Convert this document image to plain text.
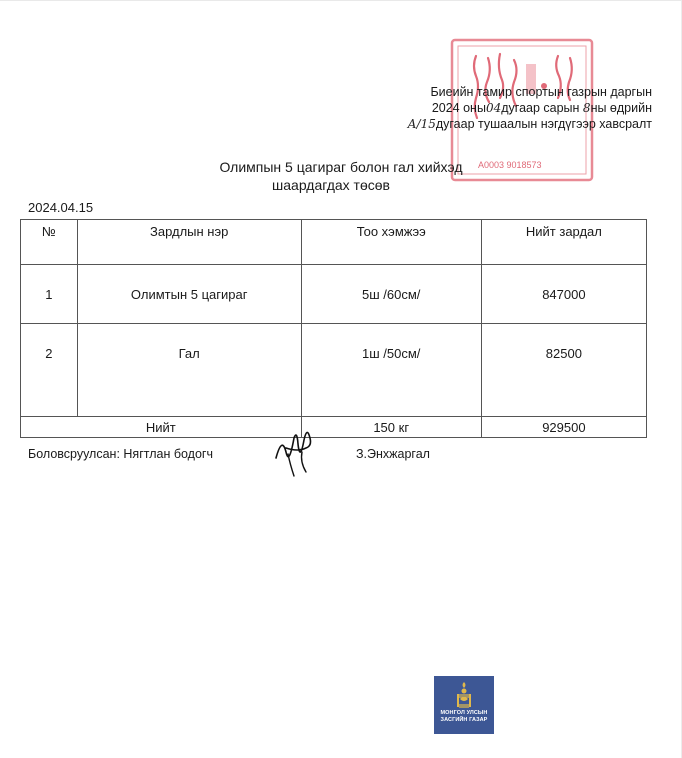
А0003 9018573
Биеийн тамир спортын газрын даргын
2024 оны04дугаар сарын 8ны өдрийн
А/15дугаар тушаалын нэгдүгээр хавсралт
Олимпын 5 цагираг болон гал хийхэд
шаардагдах төсөв
2024.04.15
№	Зардлын нэр	Тоо хэмжээ	Нийт зардал
1	Олимтын 5 цагираг	5ш /60см/	847000
2	Гал	1ш /50см/	82500
Нийт		150 кг	929500
Боловсруулсан: Нягтлан бодогч	З.Энхжаргал
МОНГОЛ УЛСЫН
ЗАСГИЙН ГАЗАР
